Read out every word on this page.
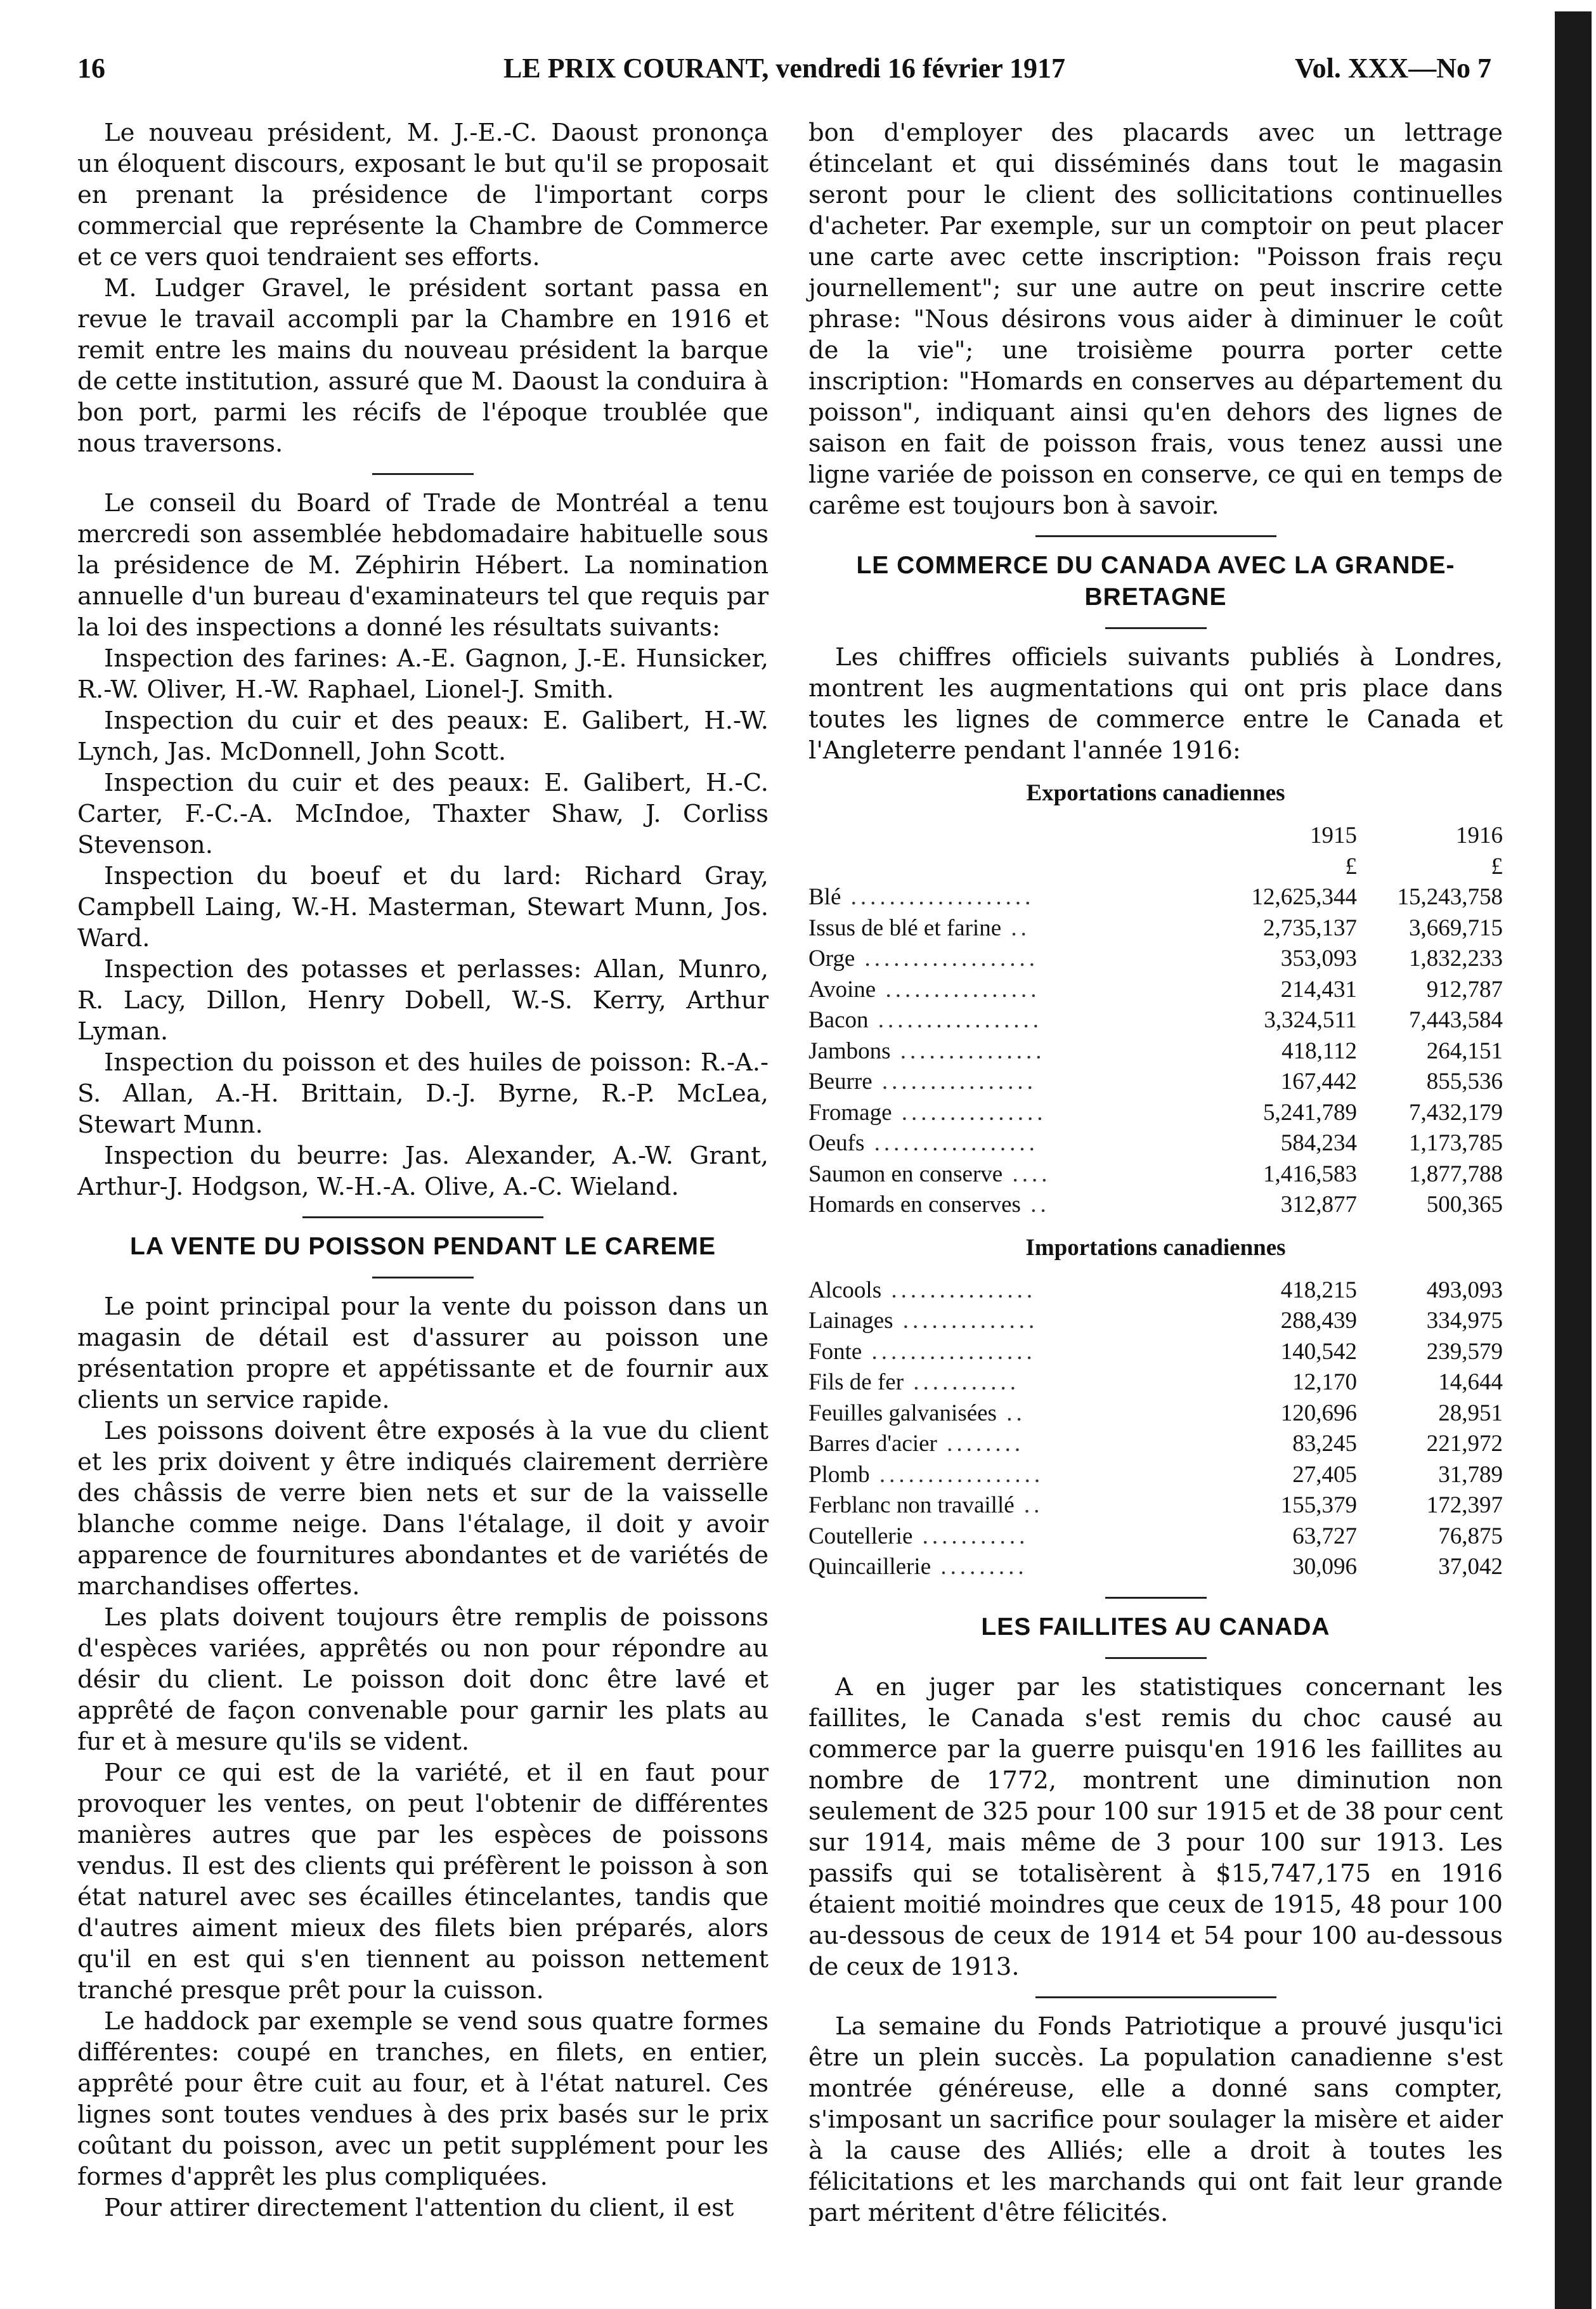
16	LE PRIX COURANT, vendredi 16 février 1917	Vol. XXX—No 7

Le nouveau président, M. J.-E.-C. Daoust prononça un éloquent discours, exposant le but qu'il se proposait en prenant la présidence de l'important corps commercial que représente la Chambre de Commerce et ce vers quoi tendraient ses efforts.

M. Ludger Gravel, le président sortant passa en revue le travail accompli par la Chambre en 1916 et remit entre les mains du nouveau président la barque de cette institution, assuré que M. Daoust la conduira à bon port, parmi les récifs de l'époque troublée que nous traversons.

Le conseil du Board of Trade de Montréal a tenu mercredi son assemblée hebdomadaire habituelle sous la présidence de M. Zéphirin Hébert. La nomination annuelle d'un bureau d'examinateurs tel que requis par la loi des inspections a donné les résultats suivants:

Inspection des farines: A.-E. Gagnon, J.-E. Hunsicker, R.-W. Oliver, H.-W. Raphael, Lionel-J. Smith.

Inspection du cuir et des peaux: E. Galibert, H.-W. Lynch, Jas. McDonnell, John Scott.

Inspection du cuir et des peaux: E. Galibert, H.-C. Carter, F.-C.-A. McIndoe, Thaxter Shaw, J. Corliss Stevenson.

Inspection du boeuf et du lard: Richard Gray, Campbell Laing, W.-H. Masterman, Stewart Munn, Jos. Ward.

Inspection des potasses et perlasses: Allan, Munro, R. Lacy, Dillon, Henry Dobell, W.-S. Kerry, Arthur Lyman.

Inspection du poisson et des huiles de poisson: R.-A.-S. Allan, A.-H. Brittain, D.-J. Byrne, R.-P. McLea, Stewart Munn.

Inspection du beurre: Jas. Alexander, A.-W. Grant, Arthur-J. Hodgson, W.-H.-A. Olive, A.-C. Wieland.

LA VENTE DU POISSON PENDANT LE CAREME

Le point principal pour la vente du poisson dans un magasin de détail est d'assurer au poisson une présentation propre et appétissante et de fournir aux clients un service rapide.

Les poissons doivent être exposés à la vue du client et les prix doivent y être indiqués clairement derrière des châssis de verre bien nets et sur de la vaisselle blanche comme neige. Dans l'étalage, il doit y avoir apparence de fournitures abondantes et de variétés de marchandises offertes.

Les plats doivent toujours être remplis de poissons d'espèces variées, apprêtés ou non pour répondre au désir du client. Le poisson doit donc être lavé et apprêté de façon convenable pour garnir les plats au fur et à mesure qu'ils se vident.

Pour ce qui est de la variété, et il en faut pour provoquer les ventes, on peut l'obtenir de différentes manières autres que par les espèces de poissons vendus. Il est des clients qui préfèrent le poisson à son état naturel avec ses écailles étincelantes, tandis que d'autres aiment mieux des filets bien préparés, alors qu'il en est qui s'en tiennent au poisson nettement tranché presque prêt pour la cuisson.

Le haddock par exemple se vend sous quatre formes différentes: coupé en tranches, en filets, en entier, apprêté pour être cuit au four, et à l'état naturel. Ces lignes sont toutes vendues à des prix basés sur le prix coûtant du poisson, avec un petit supplément pour les formes d'apprêt les plus compliquées.

Pour attirer directement l'attention du client, il est

bon d'employer des placards avec un lettrage étincelant et qui disséminés dans tout le magasin seront pour le client des sollicitations continuelles d'acheter. Par exemple, sur un comptoir on peut placer une carte avec cette inscription: "Poisson frais reçu journellement"; sur une autre on peut inscrire cette phrase: "Nous désirons vous aider à diminuer le coût de la vie"; une troisième pourra porter cette inscription: "Homards en conserves au département du poisson", indiquant ainsi qu'en dehors des lignes de saison en fait de poisson frais, vous tenez aussi une ligne variée de poisson en conserve, ce qui en temps de carême est toujours bon à savoir.

LE COMMERCE DU CANADA AVEC LA GRANDE-BRETAGNE

Les chiffres officiels suivants publiés à Londres, montrent les augmentations qui ont pris place dans toutes les lignes de commerce entre le Canada et l'Angleterre pendant l'année 1916:

Exportations canadiennes
	1915	1916
	£	£
Blé ...................	12,625,344	15,243,758
Issus de blé et farine ..	2,735,137	3,669,715
Orge ..................	353,093	1,832,233
Avoine ................	214,431	912,787
Bacon .................	3,324,511	7,443,584
Jambons ...............	418,112	264,151
Beurre ................	167,442	855,536
Fromage ...............	5,241,789	7,432,179
Oeufs .................	584,234	1,173,785
Saumon en conserve ....	1,416,583	1,877,788
Homards en conserves ..	312,877	500,365
Importations canadiennes
Alcools ...............	418,215	493,093
Lainages ..............	288,439	334,975
Fonte .................	140,542	239,579
Fils de fer ...........	12,170	14,644
Feuilles galvanisées ..	120,696	28,951
Barres d'acier ........	83,245	221,972
Plomb .................	27,405	31,789
Ferblanc non travaillé ..	155,379	172,397
Coutellerie ...........	63,727	76,875
Quincaillerie .........	30,096	37,042
LES FAILLITES AU CANADA

A en juger par les statistiques concernant les faillites, le Canada s'est remis du choc causé au commerce par la guerre puisqu'en 1916 les faillites au nombre de 1772, montrent une diminution non seulement de 325 pour 100 sur 1915 et de 38 pour cent sur 1914, mais même de 3 pour 100 sur 1913. Les passifs qui se totalisèrent à $15,747,175 en 1916 étaient moitié moindres que ceux de 1915, 48 pour 100 au-dessous de ceux de 1914 et 54 pour 100 au-dessous de ceux de 1913.

La semaine du Fonds Patriotique a prouvé jusqu'ici être un plein succès. La population canadienne s'est montrée généreuse, elle a donné sans compter, s'imposant un sacrifice pour soulager la misère et aider à la cause des Alliés; elle a droit à toutes les félicitations et les marchands qui ont fait leur grande part méritent d'être félicités.
